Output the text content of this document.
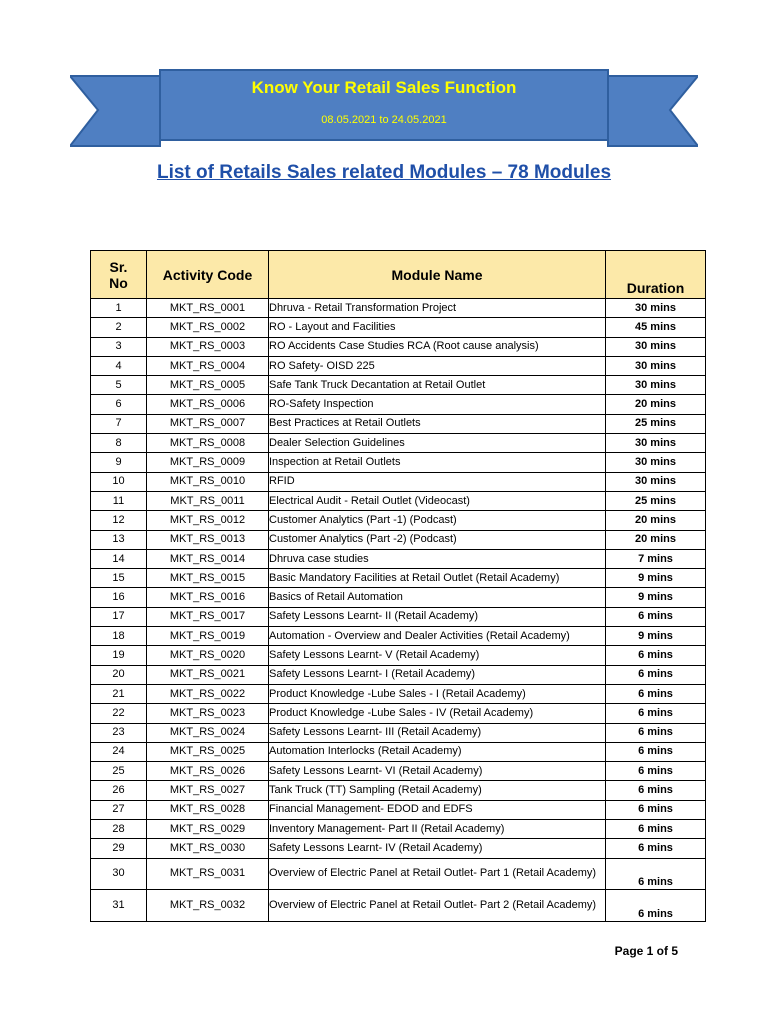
Know Your Retail Sales Function
08.05.2021 to 24.05.2021
List of Retails Sales related Modules – 78 Modules
Sr.
No	Activity Code	Module Name	Duration
1	MKT_RS_0001	Dhruva - Retail Transformation Project	30 mins
2	MKT_RS_0002	RO - Layout and Facilities	45 mins
3	MKT_RS_0003	RO Accidents Case Studies RCA (Root cause analysis)	30 mins
4	MKT_RS_0004	RO Safety- OISD 225	30 mins
5	MKT_RS_0005	Safe Tank Truck Decantation at Retail Outlet	30 mins
6	MKT_RS_0006	RO-Safety Inspection	20 mins
7	MKT_RS_0007	Best Practices at Retail Outlets	25 mins
8	MKT_RS_0008	Dealer Selection Guidelines	30 mins
9	MKT_RS_0009	Inspection at Retail Outlets	30 mins
10	MKT_RS_0010	RFID	30 mins
11	MKT_RS_0011	Electrical Audit - Retail Outlet (Videocast)	25 mins
12	MKT_RS_0012	Customer Analytics (Part -1) (Podcast)	20 mins
13	MKT_RS_0013	Customer Analytics (Part -2) (Podcast)	20 mins
14	MKT_RS_0014	Dhruva case studies	7 mins
15	MKT_RS_0015	Basic Mandatory Facilities at Retail Outlet (Retail Academy)	9 mins
16	MKT_RS_0016	Basics of Retail Automation	9 mins
17	MKT_RS_0017	Safety Lessons Learnt- II (Retail Academy)	6 mins
18	MKT_RS_0019	Automation - Overview and Dealer Activities (Retail Academy)	9 mins
19	MKT_RS_0020	Safety Lessons Learnt- V (Retail Academy)	6 mins
20	MKT_RS_0021	Safety Lessons Learnt- I (Retail Academy)	6 mins
21	MKT_RS_0022	Product Knowledge -Lube Sales - I (Retail Academy)	6 mins
22	MKT_RS_0023	Product Knowledge -Lube Sales - IV (Retail Academy)	6 mins
23	MKT_RS_0024	Safety Lessons Learnt- III (Retail Academy)	6 mins
24	MKT_RS_0025	Automation Interlocks (Retail Academy)	6 mins
25	MKT_RS_0026	Safety Lessons Learnt- VI (Retail Academy)	6 mins
26	MKT_RS_0027	Tank Truck (TT) Sampling (Retail Academy)	6 mins
27	MKT_RS_0028	Financial Management- EDOD and EDFS	6 mins
28	MKT_RS_0029	Inventory Management- Part II (Retail Academy)	6 mins
29	MKT_RS_0030	Safety Lessons Learnt- IV (Retail Academy)	6 mins
30	MKT_RS_0031	Overview of Electric Panel at Retail Outlet- Part 1 (Retail Academy)	6 mins
31	MKT_RS_0032	Overview of Electric Panel at Retail Outlet- Part 2 (Retail Academy)	6 mins
Page 1 of 5
